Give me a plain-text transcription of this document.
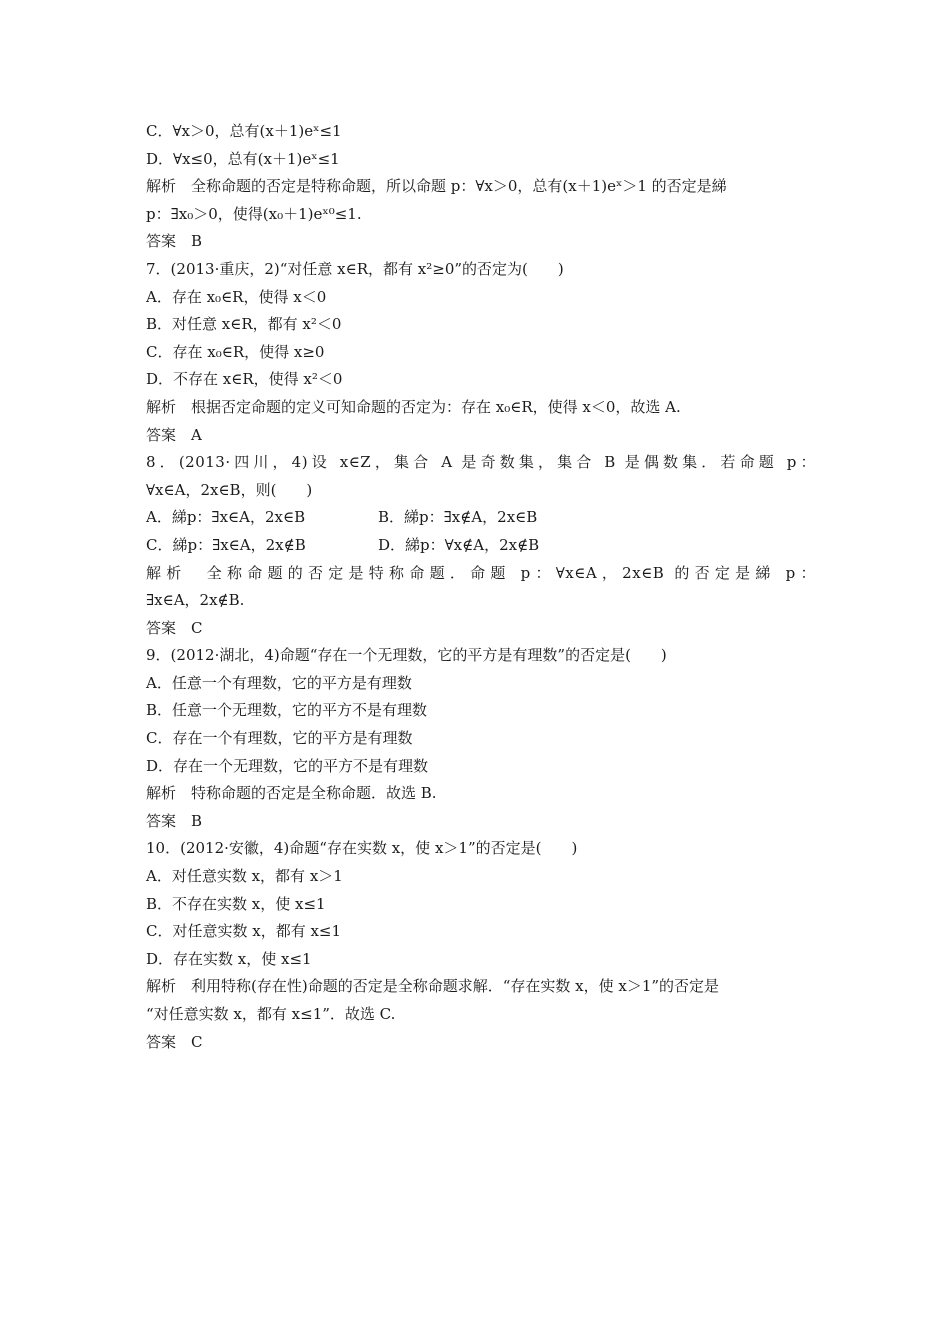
C．∀x＞0，总有(x＋1)eˣ≤1
D．∀x≤0，总有(x＋1)eˣ≤1
解析　全称命题的否定是特称命题，所以命题 p：∀x＞0，总有(x＋1)eˣ＞1 的否定是綈
p：∃x₀＞0，使得(x₀＋1)eˣ⁰≤1.
答案　B
7．(2013·重庆，2)“对任意 x∈R，都有 x²≥0”的否定为(　　)
A．存在 x₀∈R，使得 x＜0
B．对任意 x∈R，都有 x²＜0
C．存在 x₀∈R，使得 x≥0
D．不存在 x∈R，使得 x²＜0
解析　根据否定命题的定义可知命题的否定为：存在 x₀∈R，使得 x＜0，故选 A.
答案　A
8．(2013·四川，4)设 x∈Z，集合 A 是奇数集，集合 B 是偶数集．若命题 p：
∀x∈A，2x∈B，则(　　)
A．綈p：∃x∈A，2x∈B	B．綈p：∃x∉A，2x∈B
C．綈p：∃x∈A，2x∉B	D．綈p：∀x∉A，2x∉B
解析　全称命题的否定是特称命题．命题 p：∀x∈A，2x∈B 的否定是綈 p：
∃x∈A，2x∉B.
答案　C
9．(2012·湖北，4)命题“存在一个无理数，它的平方是有理数”的否定是(　　)
A．任意一个有理数，它的平方是有理数
B．任意一个无理数，它的平方不是有理数
C．存在一个有理数，它的平方是有理数
D．存在一个无理数，它的平方不是有理数
解析　特称命题的否定是全称命题．故选 B.
答案　B
10．(2012·安徽，4)命题“存在实数 x，使 x＞1”的否定是(　　)
A．对任意实数 x，都有 x＞1
B．不存在实数 x，使 x≤1
C．对任意实数 x，都有 x≤1
D．存在实数 x，使 x≤1
解析　利用特称(存在性)命题的否定是全称命题求解．“存在实数 x，使 x＞1”的否定是
“对任意实数 x，都有 x≤1”．故选 C.
答案　C
